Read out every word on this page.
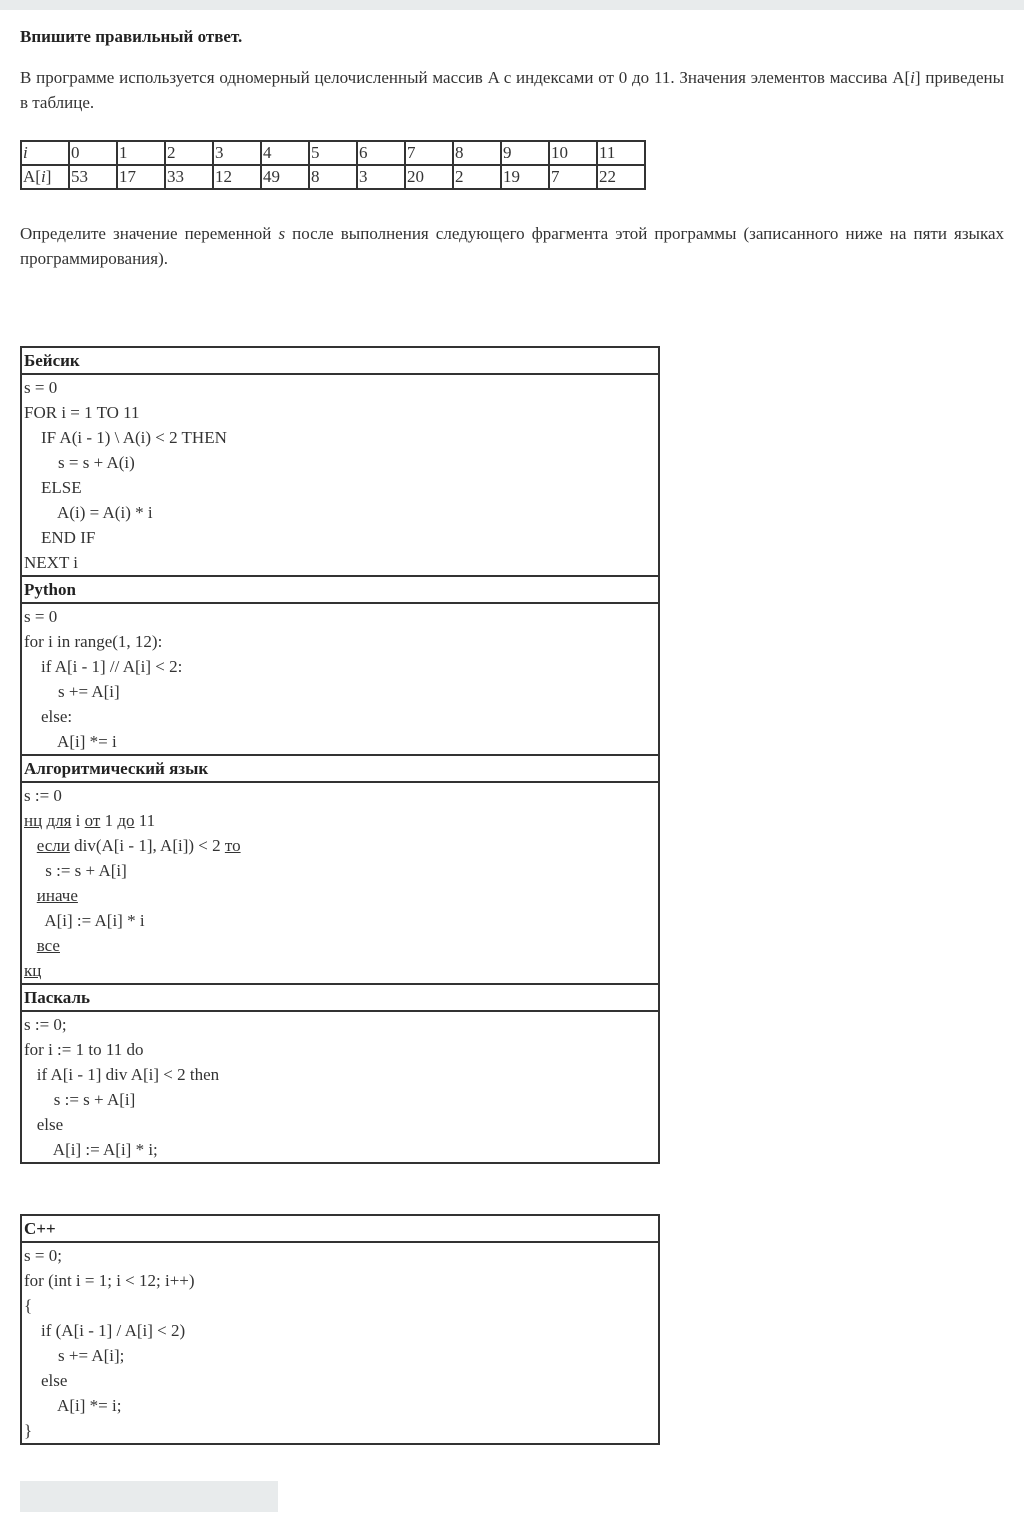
Впишите правильный ответ.

В программе используется одномерный целочисленный массив A с индексами от 0 до 11. Значения элементов массива A[i] приведены в таблице.

i	0	1	2	3	4	5	6	7	8	9	10	11
A[i]	53	17	33	12	49	8	3	20	2	19	7	22

Определите значение переменной s после выполнения следующего фрагмента этой программы (записанного ниже на пяти языках программирования).

Бейсик

s = 0
FOR i = 1 TO 11
IF A(i - 1) \ A(i) < 2 THEN
s = s + A(i)
ELSE
A(i) = A(i) * i
END IF
NEXT i

Python

s = 0
for i in range(1, 12):
if A[i - 1] // A[i] < 2:
s += A[i]
else:
A[i] *= i

Алгоритмический язык

s := 0
нц для i от 1 до 11
если div(A[i - 1], A[i]) < 2 то
s := s + A[i]
иначе
A[i] := A[i] * i
все
кц

Паскаль

s := 0;
for i := 1 to 11 do
if A[i - 1] div A[i] < 2 then
s := s + A[i]
else
A[i] := A[i] * i;
C++

s = 0;
for (int i = 1; i < 12; i++)
{
if (A[i - 1] / A[i] < 2)
s += A[i];
else
A[i] *= i;
}
